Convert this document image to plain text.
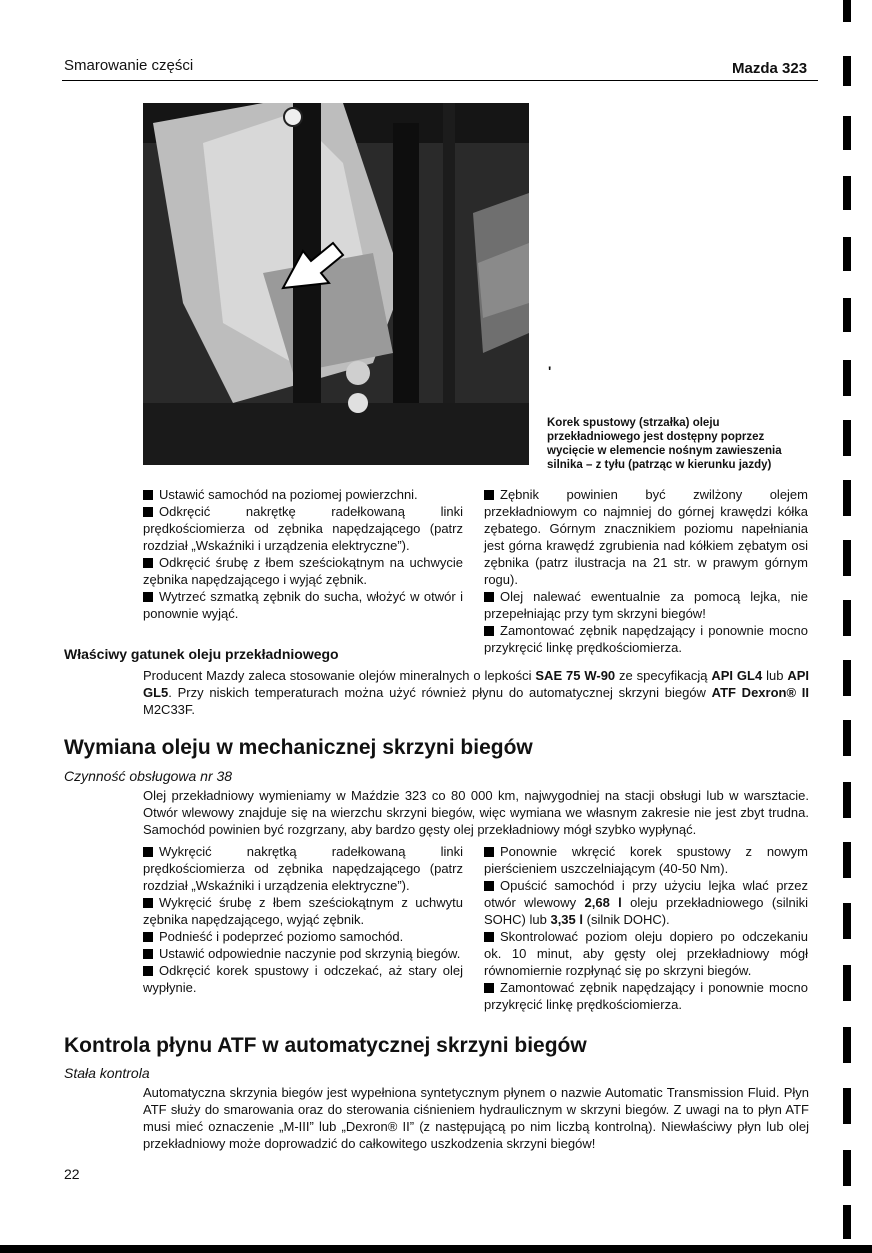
Smarowanie części	Mazda 323
'
Korek spustowy (strzałka) oleju przekładniowego jest dostępny poprzez wycięcie w elemencie nośnym zawieszenia silnika – z tyłu (patrząc w kierunku jazdy)

Ustawić samochód na poziomej powierzchni.

Odkręcić nakrętkę radełkowaną linki prędkościomierza od zębnika napędzającego (patrz rozdział „Wskaźniki i urządzenia elektryczne”).

Odkręcić śrubę z łbem sześciokątnym na uchwycie zębnika napędzającego i wyjąć zębnik.

Wytrzeć szmatką zębnik do sucha, włożyć w otwór i ponownie wyjąć.

Zębnik powinien być zwilżony olejem przekładniowym co najmniej do górnej krawędzi kółka zębatego. Górnym znacznikiem poziomu napełniania jest górna krawędź zgrubienia nad kółkiem zębatym osi zębnika (patrz ilustracja na 21 str. w prawym górnym rogu).

Olej nalewać ewentualnie za pomocą lejka, nie przepełniając przy tym skrzyni biegów!

Zamontować zębnik napędzający i ponownie mocno przykręcić linkę prędkościomierza.

Właściwy gatunek oleju przekładniowego

Producent Mazdy zaleca stosowanie olejów mineralnych o lepkości SAE 75 W-90 ze specyfikacją API GL4 lub API GL5. Przy niskich temperaturach można użyć również płynu do automatycznej skrzyni biegów ATF Dexron® II M2C33F.

Wymiana oleju w mechanicznej skrzyni biegów
Czynność obsługowa nr 38

Olej przekładniowy wymieniamy w Maździe 323 co 80 000 km, najwygodniej na stacji obsługi lub w warsztacie. Otwór wlewowy znajduje się na wierzchu skrzyni biegów, więc wymiana we własnym zakresie nie jest zbyt trudna. Samochód powinien być rozgrzany, aby bardzo gęsty olej przekładniowy mógł szybko wypłynąć.

Wykręcić nakrętką radełkowaną linki prędkościomierza od zębnika napędzającego (patrz rozdział „Wskaźniki i urządzenia elektryczne”).

Wykręcić śrubę z łbem sześciokątnym z uchwytu zębnika napędzającego, wyjąć zębnik.

Podnieść i podeprzeć poziomo samochód.

Ustawić odpowiednie naczynie pod skrzynią biegów.

Odkręcić korek spustowy i odczekać, aż stary olej wypłynie.

Ponownie wkręcić korek spustowy z nowym pierścieniem uszczelniającym (40-50 Nm).

Opuścić samochód i przy użyciu lejka wlać przez otwór wlewowy 2,68 l oleju przekładniowego (silniki SOHC) lub 3,35 l (silnik DOHC).

Skontrolować poziom oleju dopiero po odczekaniu ok. 10 minut, aby gęsty olej przekładniowy mógł równomiernie rozpłynąć się po skrzyni biegów.

Zamontować zębnik napędzający i ponownie mocno przykręcić linkę prędkościomierza.

Kontrola płynu ATF w automatycznej skrzyni biegów
Stała kontrola

Automatyczna skrzynia biegów jest wypełniona syntetycznym płynem o nazwie Automatic Transmission Fluid. Płyn ATF służy do smarowania oraz do sterowania ciśnieniem hydraulicznym w skrzyni biegów. Z uwagi na to płyn ATF musi mieć oznaczenie „M-III” lub „Dexron® II” (z następującą po nim liczbą kontrolną). Niewłaściwy płyn lub olej przekładniowy może doprowadzić do całkowitego uszkodzenia skrzyni biegów!

22
